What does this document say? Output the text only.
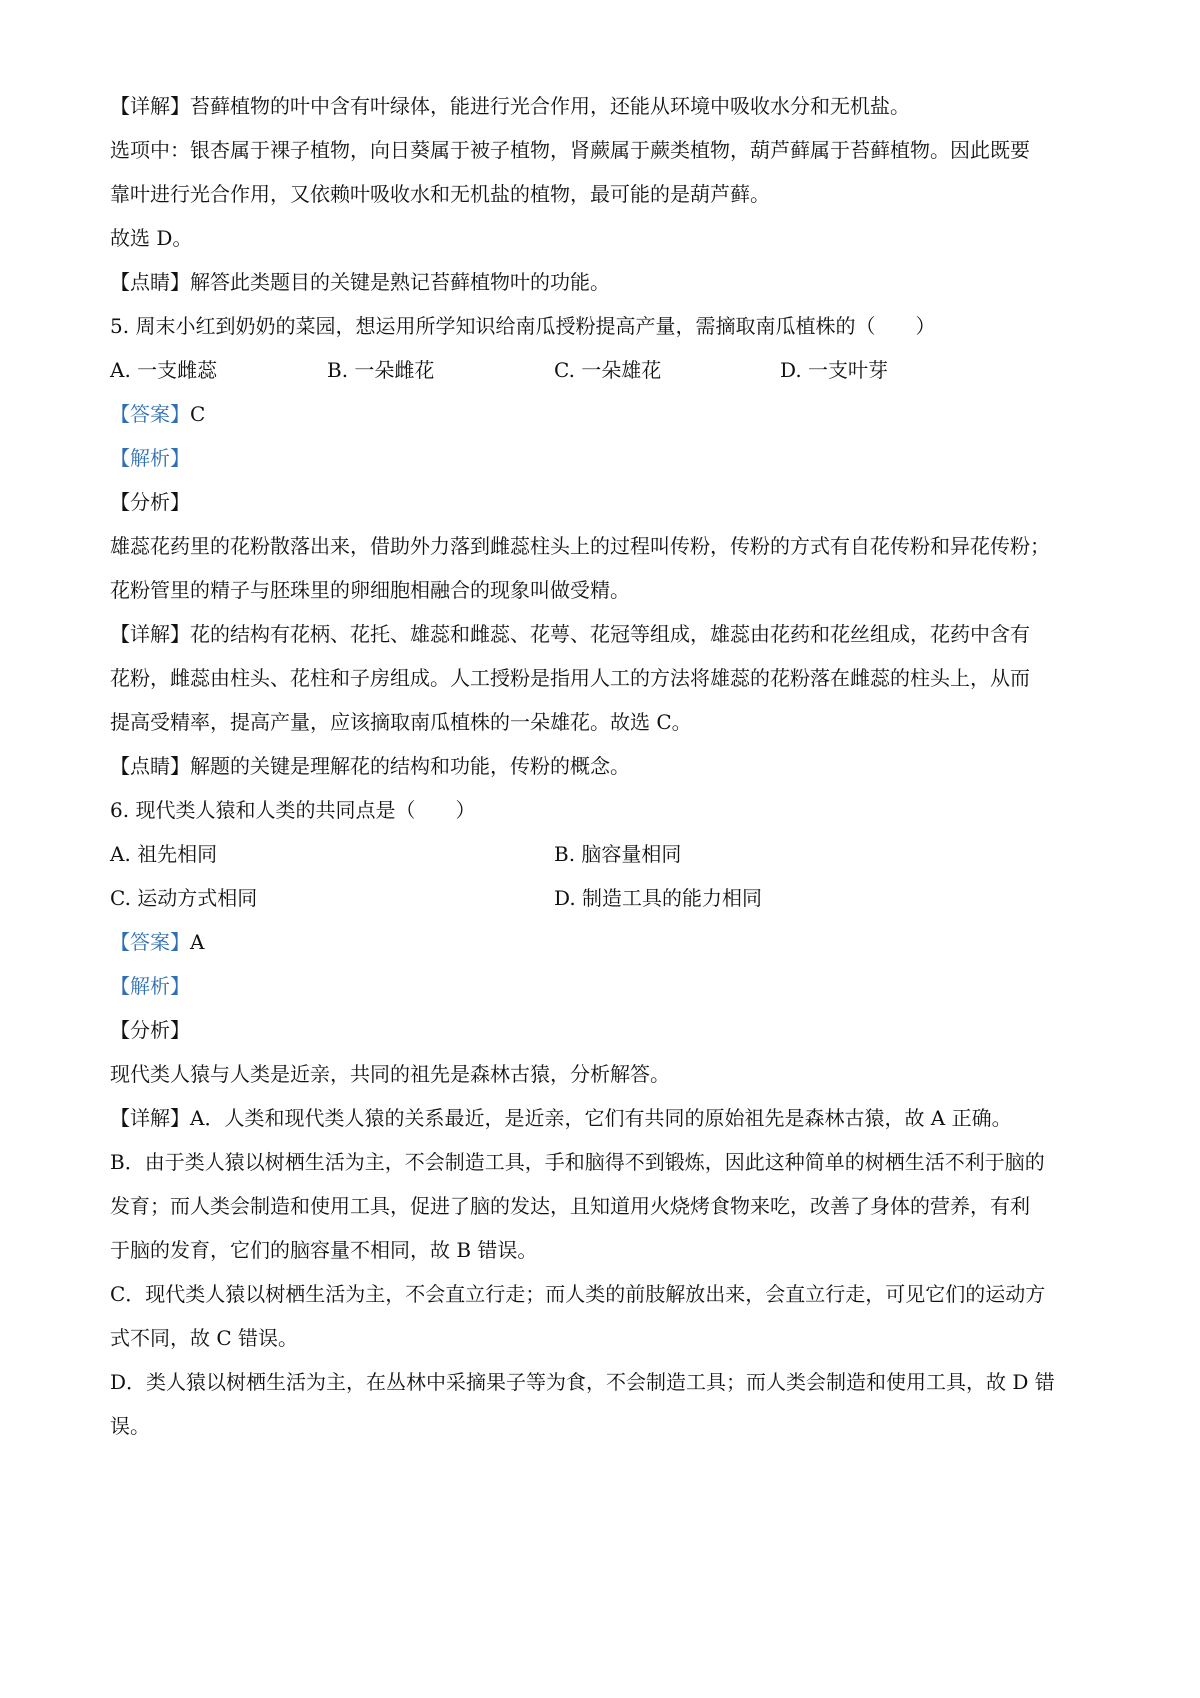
【详解】苔藓植物的叶中含有叶绿体，能进行光合作用，还能从环境中吸收水分和无机盐。
选项中：银杏属于裸子植物，向日葵属于被子植物，肾蕨属于蕨类植物，葫芦藓属于苔藓植物。因此既要
靠叶进行光合作用，又依赖叶吸收水和无机盐的植物，最可能的是葫芦藓。
故选 D。
【点睛】解答此类题目的关键是熟记苔藓植物叶的功能。
5. 周末小红到奶奶的菜园，想运用所学知识给南瓜授粉提高产量，需摘取南瓜植株的（　　）
A. 一支雌蕊	B. 一朵雌花	C. 一朵雄花	D. 一支叶芽
【答案】C
【解析】
【分析】
雄蕊花药里的花粉散落出来，借助外力落到雌蕊柱头上的过程叫传粉，传粉的方式有自花传粉和异花传粉；
花粉管里的精子与胚珠里的卵细胞相融合的现象叫做受精。
【详解】花的结构有花柄、花托、雄蕊和雌蕊、花萼、花冠等组成，雄蕊由花药和花丝组成，花药中含有
花粉，雌蕊由柱头、花柱和子房组成。人工授粉是指用人工的方法将雄蕊的花粉落在雌蕊的柱头上，从而
提高受精率，提高产量，应该摘取南瓜植株的一朵雄花。故选 C。
【点睛】解题的关键是理解花的结构和功能，传粉的概念。
6. 现代类人猿和人类的共同点是（　　）
A. 祖先相同	B. 脑容量相同
C. 运动方式相同	D. 制造工具的能力相同
【答案】A
【解析】
【分析】
现代类人猿与人类是近亲，共同的祖先是森林古猿，分析解答。
【详解】A．人类和现代类人猿的关系最近，是近亲，它们有共同的原始祖先是森林古猿，故 A 正确。
B．由于类人猿以树栖生活为主，不会制造工具，手和脑得不到锻炼，因此这种简单的树栖生活不利于脑的
发育；而人类会制造和使用工具，促进了脑的发达，且知道用火烧烤食物来吃，改善了身体的营养，有利
于脑的发育，它们的脑容量不相同，故 B 错误。
C．现代类人猿以树栖生活为主，不会直立行走；而人类的前肢解放出来，会直立行走，可见它们的运动方
式不同，故 C 错误。
D．类人猿以树栖生活为主，在丛林中采摘果子等为食，不会制造工具；而人类会制造和使用工具，故 D 错
误。
